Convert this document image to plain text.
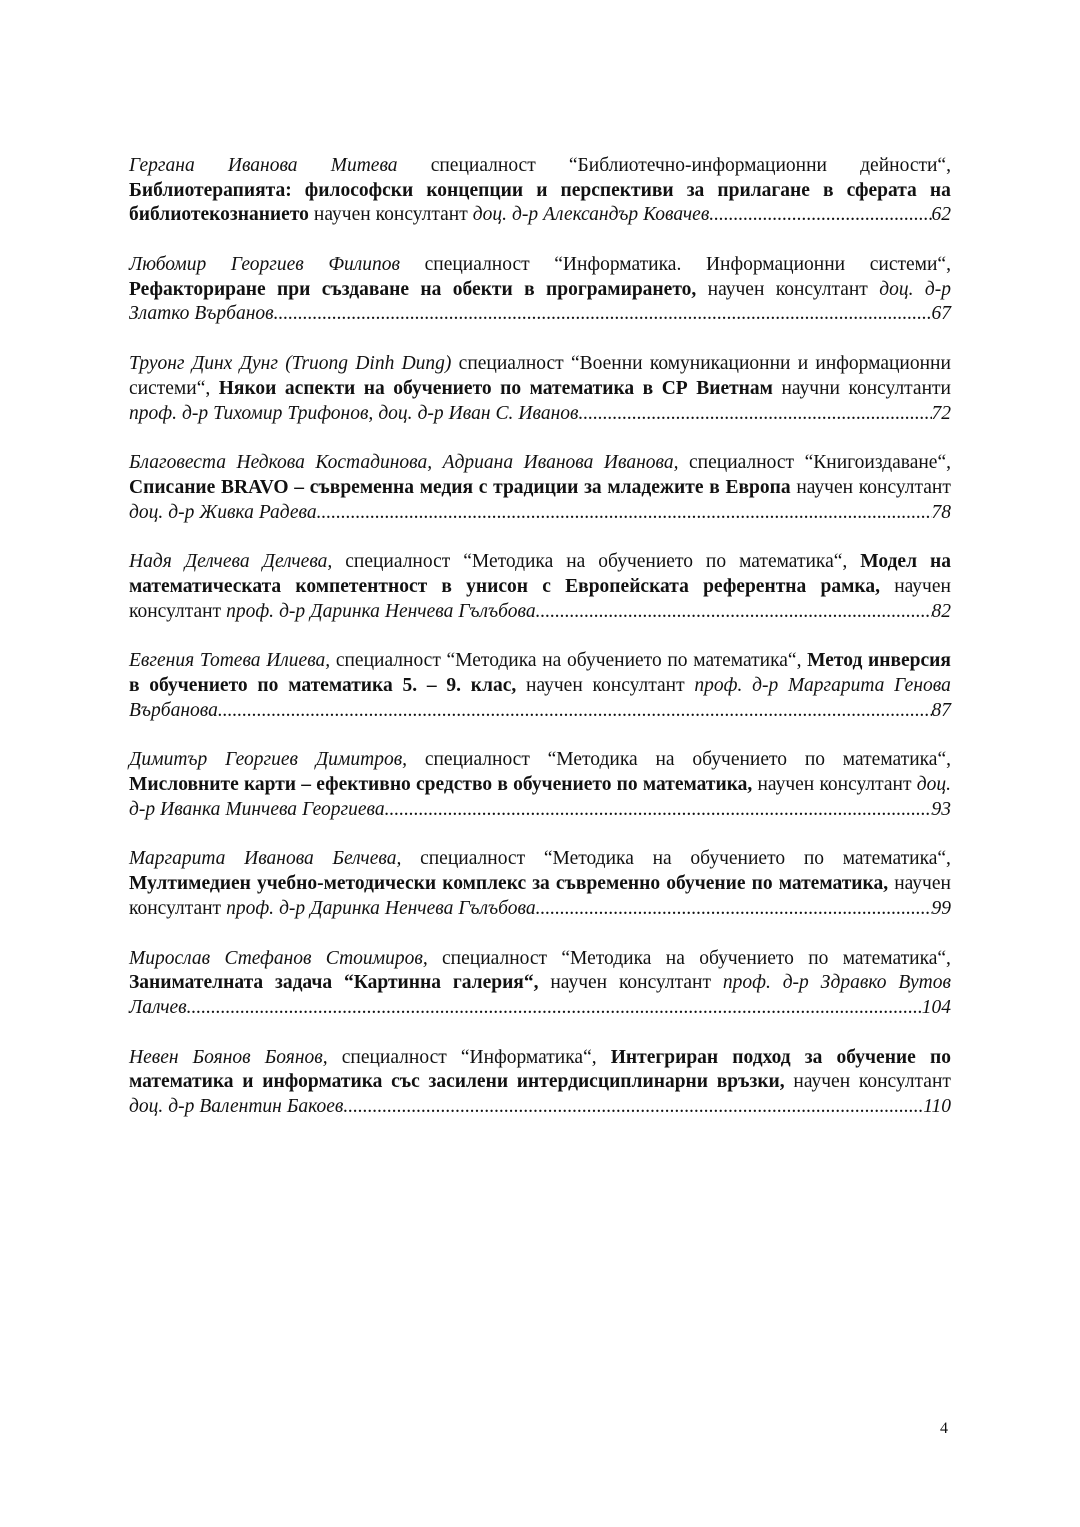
Гергана Иванова Митева специалност “Библиотечно-информационни дейности“,
Библиотерапията: философски концепции и перспективи за прилагане в сферата на
библиотекознанието научен консултант доц. д-р Александър Ковачев .....	62
Любомир Георгиев Филипов специалност “Информатика. Информационни системи“,
Рефакториране при създаване на обекти в програмирането, научен консултант доц. д-р
Златко Върбанов .....	67
Труонг Динх Дунг (Truong Dinh Dung) специалност “Военни комуникационни и информационни
системи“, Някои аспекти на обучението по математика в СР Виетнам научни консултанти
проф. д-р Тихомир Трифонов, доц. д-р Иван С. Иванов .....	72
Благовеста Недкова Костадинова, Адриана Иванова Иванова, специалност “Книгоиздаване“,
Списание BRAVO – съвременна медия с традиции за младежите в Европа научен консултант
доц. д-р Живка Радева .....	78
Надя Делчева Делчева, специалност “Методика на обучението по математика“, Модел на
математическата компетентност в унисон с Европейската референтна рамка, научен
консултант проф. д-р Даринка Ненчева Гълъбова .....	82
Евгения Тотева Илиева, специалност “Методика на обучението по математика“, Метод инверсия
в обучението по математика 5. – 9. клас, научен консултант проф. д-р Маргарита Генова
Върбанова .....	87
Димитър Георгиев Димитров, специалност “Методика на обучението по математика“,
Мисловните карти – ефективно средство в обучението по математика, научен консултант доц.
д-р Иванка Минчева Георгиева .....	93
Маргарита Иванова Белчева, специалност “Методика на обучението по математика“,
Мултимедиен учебно-методически комплекс за съвременно обучение по математика, научен
консултант проф. д-р Даринка Ненчева Гълъбова .....	99
Мирослав Стефанов Стоимиров, специалност “Методика на обучението по математика“,
Занимателната задача “Картинна галерия“, научен консултант проф. д-р Здравко Вутов
Лалчев .....	104
Невен Боянов Боянов, специалност “Информатика“, Интегриран подход за обучение по
математика и информатика със засилени интердисциплинарни връзки, научен консултант
доц. д-р Валентин Бакоев .....	110
4
